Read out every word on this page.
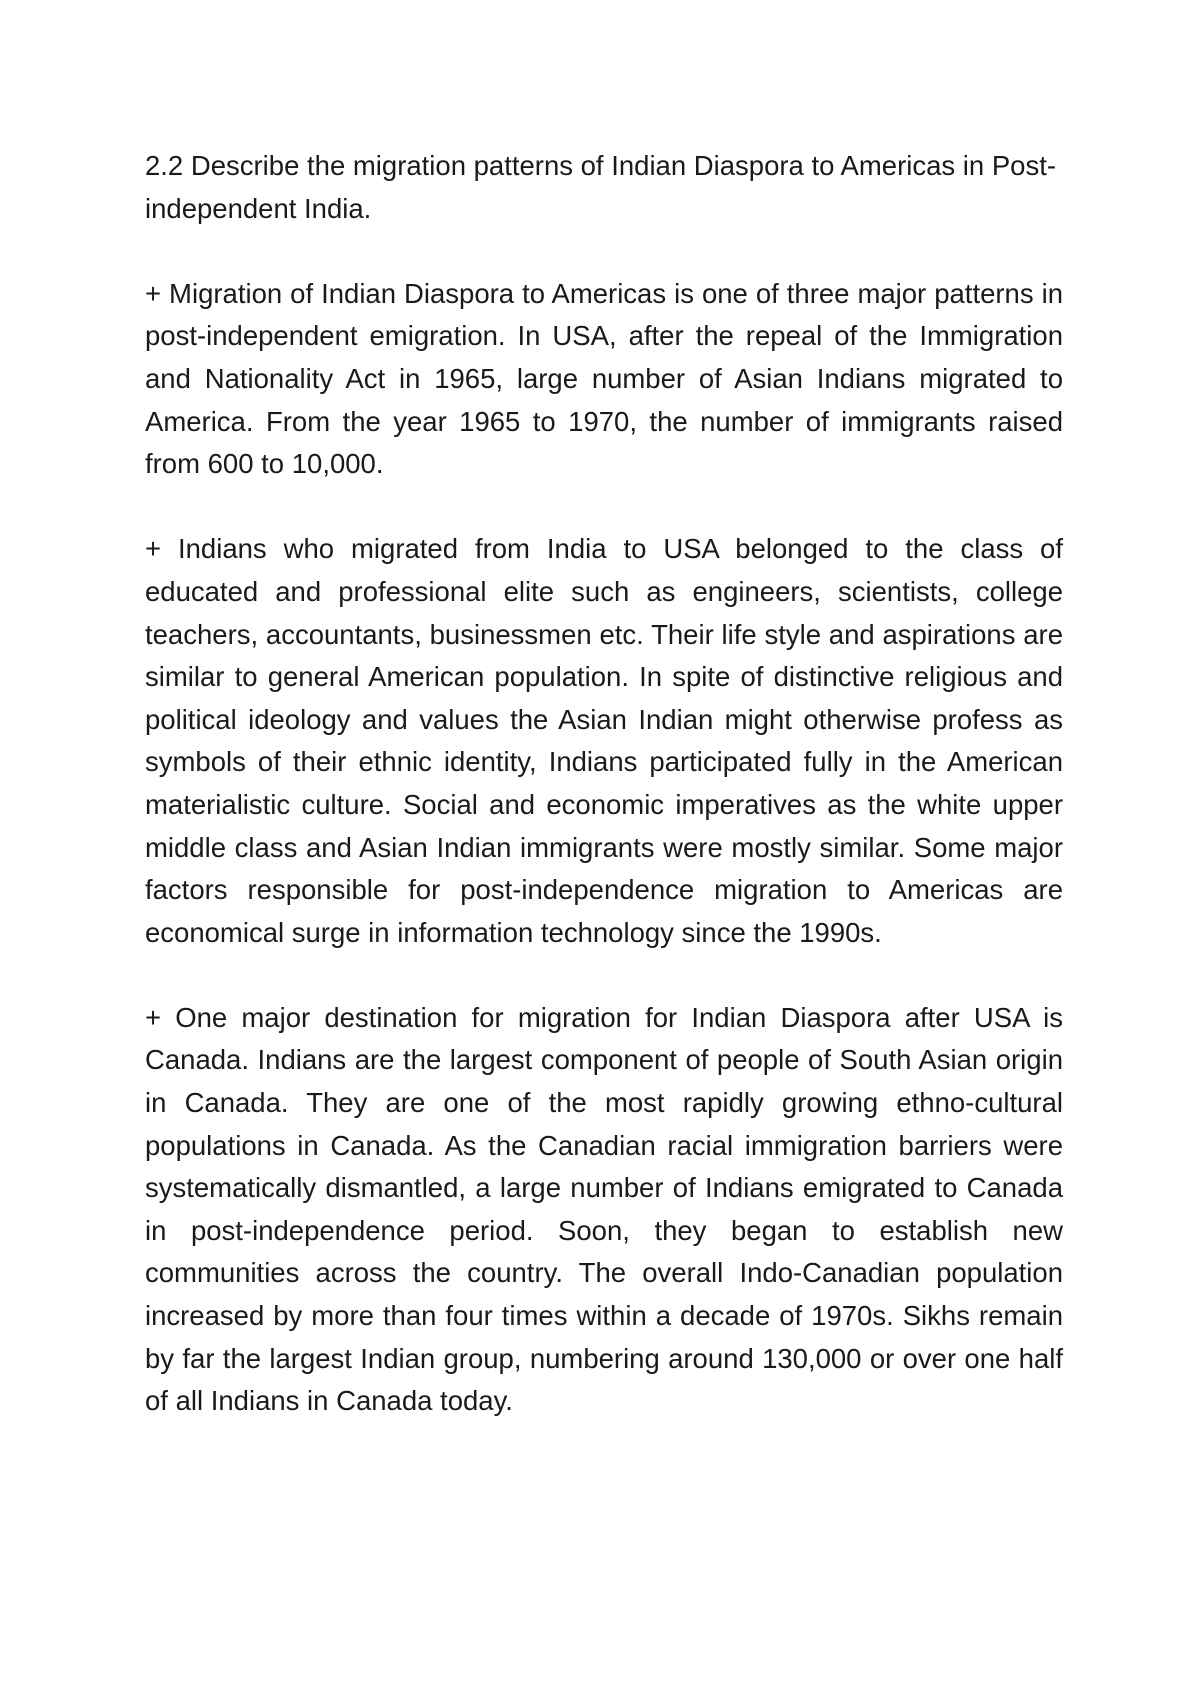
2.2 Describe the migration patterns of Indian Diaspora to Americas in Post-independent India.

+ Migration of Indian Diaspora to Americas is one of three major patterns in post-independent emigration. In USA, after the repeal of the Immigration and Nationality Act in 1965, large number of Asian Indians migrated to America. From the year 1965 to 1970, the number of immigrants raised from 600 to 10,000.

+ Indians who migrated from India to USA belonged to the class of educated and professional elite such as engineers, scientists, college teachers, accountants, businessmen etc. Their life style and aspirations are similar to general American population. In spite of distinctive religious and political ideology and values the Asian Indian might otherwise profess as symbols of their ethnic identity, Indians participated fully in the American materialistic culture. Social and economic imperatives as the white upper middle class and Asian Indian immigrants were mostly similar. Some major factors responsible for post-independence migration to Americas are economical surge in information technology since the 1990s.

+ One major destination for migration for Indian Diaspora after USA is Canada. Indians are the largest component of people of South Asian origin in Canada. They are one of the most rapidly growing ethno-cultural populations in Canada. As the Canadian racial immigration barriers were systematically dismantled, a large number of Indians emigrated to Canada in post-independence period. Soon, they began to establish new communities across the country. The overall Indo-Canadian population increased by more than four times within a decade of 1970s. Sikhs remain by far the largest Indian group, numbering around 130,000 or over one half of all Indians in Canada today.
